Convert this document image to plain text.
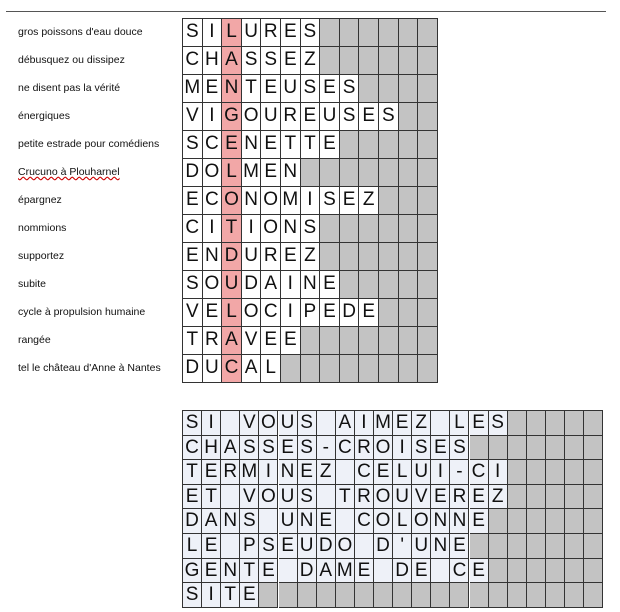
gros poissons d'eau douce
débusquez ou dissipez
ne disent pas la vérité
énergiques
petite estrade pour comédiens
Crucuno à Plouharnel
épargnez
nommions
supportez
subite
cycle à propulsion humaine
rangée
tel le château d'Anne à Nantes
S I L U R E S
C H A S S E Z
M E N T E U S E S
V I G O U R E U S E S
S C E N E T T E
D O L M E N
E C O N O M I S E Z
C I T I O N S
E N D U R E Z
S O U D A I N E
V E L O C I P E D E
T R A V E E
D U C A L
S I	V O U S A I M E Z L E S
C H A S S E S - C R O I S E S
T E R M I N E Z C E L U I - C I
E T V O U S T R O U V E R E Z
D A N S U N E C O L O N N E
L E P S E U D O D ' U N E
G E N T E D A M E D E C E
S I T E
